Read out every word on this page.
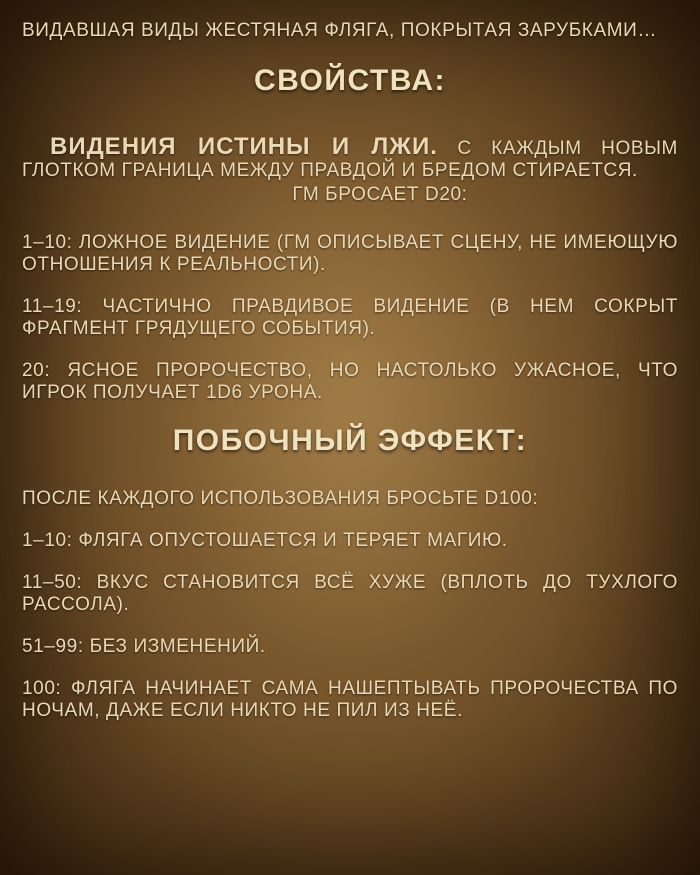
ВИДАВШАЯ ВИДЫ ЖЕСТЯНАЯ ФЛЯГА, ПОКРЫТАЯ ЗАРУБКАМИ…

СВОЙСТВА:

ВИДЕНИЯ ИСТИНЫ И ЛЖИ. С КАЖДЫМ НОВЫМ ГЛОТКОМ ГРАНИЦА МЕЖДУ ПРАВДОЙ И БРЕДОМ СТИРАЕТСЯ.

ГМ БРОСАЕТ D20:

1–10: ЛОЖНОЕ ВИДЕНИЕ (ГМ ОПИСЫВАЕТ СЦЕНУ, НЕ ИМЕЮЩУЮ ОТНОШЕНИЯ К РЕАЛЬНОСТИ).

11–19: ЧАСТИЧНО ПРАВДИВОЕ ВИДЕНИЕ (В НЕМ СОКРЫТ ФРАГМЕНТ ГРЯДУЩЕГО СОБЫТИЯ).

20: ЯСНОЕ ПРОРОЧЕСТВО, НО НАСТОЛЬКО УЖАСНОЕ, ЧТО ИГРОК ПОЛУЧАЕТ 1D6 УРОНА.

ПОБОЧНЫЙ ЭФФЕКТ:

ПОСЛЕ КАЖДОГО ИСПОЛЬЗОВАНИЯ БРОСЬТЕ D100:

1–10: ФЛЯГА ОПУСТОШАЕТСЯ И ТЕРЯЕТ МАГИЮ.

11–50: ВКУС СТАНОВИТСЯ ВСЁ ХУЖЕ (ВПЛОТЬ ДО ТУХЛОГО РАССОЛА).

51–99: БЕЗ ИЗМЕНЕНИЙ.

100: ФЛЯГА НАЧИНАЕТ САМА НАШЕПТЫВАТЬ ПРОРОЧЕСТВА ПО НОЧАМ, ДАЖЕ ЕСЛИ НИКТО НЕ ПИЛ ИЗ НЕЁ.
